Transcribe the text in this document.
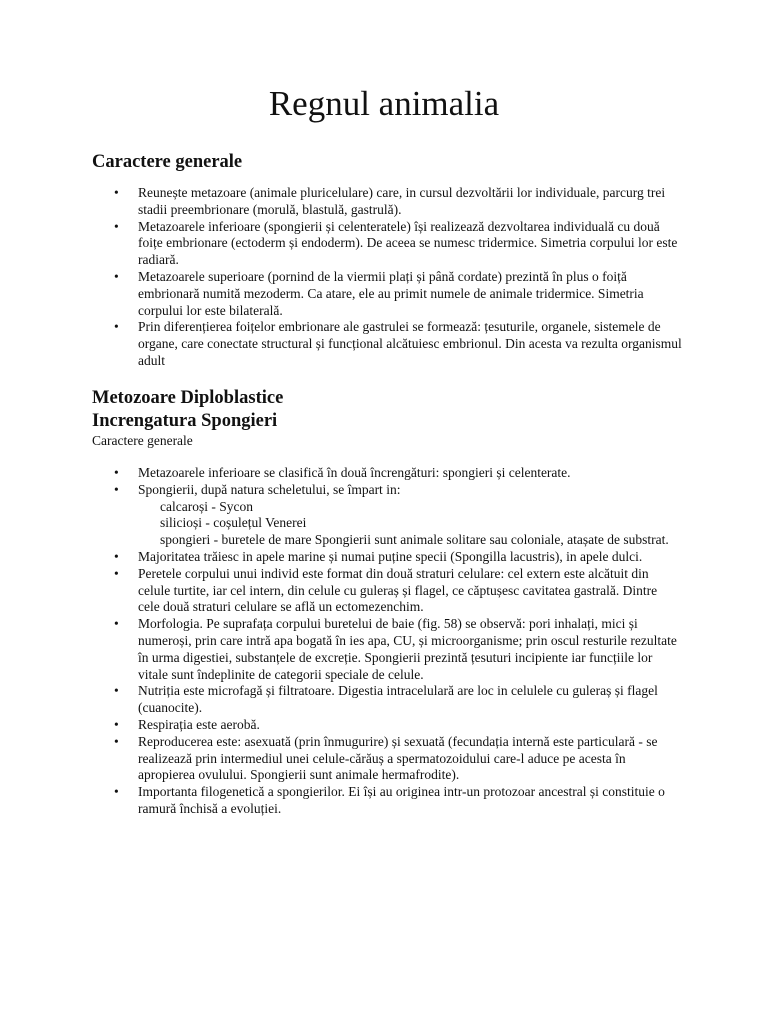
Regnul animalia
Caractere generale
• Reunește metazoare (animale pluricelulare) care, in cursul dezvoltării lor individuale, parcurg trei stadii preembrionare (morulă, blastulă, gastrulă).
• Metazoarele inferioare (spongierii și celenteratele) își realizează dezvoltarea individuală cu două foițe embrionare (ectoderm și endoderm). De aceea se numesc tridermice. Simetria corpului lor este radiară.
• Metazoarele superioare (pornind de la viermii plați și până cordate) prezintă în plus o foiță embrionară numită mezoderm. Ca atare, ele au primit numele de animale tridermice. Simetria corpului lor este bilaterală.
• Prin diferențierea foițelor embrionare ale gastrulei se formează: țesuturile, organele, sistemele de organe, care conectate structural și funcțional alcătuiesc embrionul. Din acesta va rezulta organismul adult
Metozoare Diploblastice
Increngatura Spongieri
Caractere generale
• Metazoarele inferioare se clasifică în două încrengături: spongieri și celenterate.
• Spongierii, după natura scheletului, se împart in:
calcaroși - Sycon
silicioși - coșulețul Venerei
spongieri - buretele de mare Spongierii sunt animale solitare sau coloniale, atașate de substrat.
• Majoritatea trăiesc in apele marine și numai puține specii (Spongilla lacustris), in apele dulci.
• Peretele corpului unui individ este format din două straturi celulare: cel extern este alcătuit din celule turtite, iar cel intern, din celule cu guleraș și flagel, ce căptușesc cavitatea gastrală. Dintre cele două straturi celulare se află un ectomezenchim.
• Morfologia. Pe suprafața corpului buretelui de baie (fig. 58) se observă: pori inhalați, mici și numeroși, prin care intră apa bogată în ies apa, CU, și microorganisme; prin oscul resturile rezultate în urma digestiei, substanțele de excreție. Spongierii prezintă țesuturi incipiente iar funcțiile lor vitale sunt îndeplinite de categorii speciale de celule.
• Nutriția este microfagă și filtratoare. Digestia intracelulară are loc in celulele cu guleraș și flagel (cuanocite).
• Respirația este aerobă.
• Reproducerea este: asexuată (prin înmugurire) și sexuată (fecundația internă este particulară - se realizează prin intermediul unei celule-cărăuș a spermatozoidului care-l aduce pe acesta în apropierea ovulului. Spongierii sunt animale hermafrodite).
• Importanta filogenetică a spongierilor. Ei își au originea intr-un protozoar ancestral și constituie o ramură închisă a evoluției.
